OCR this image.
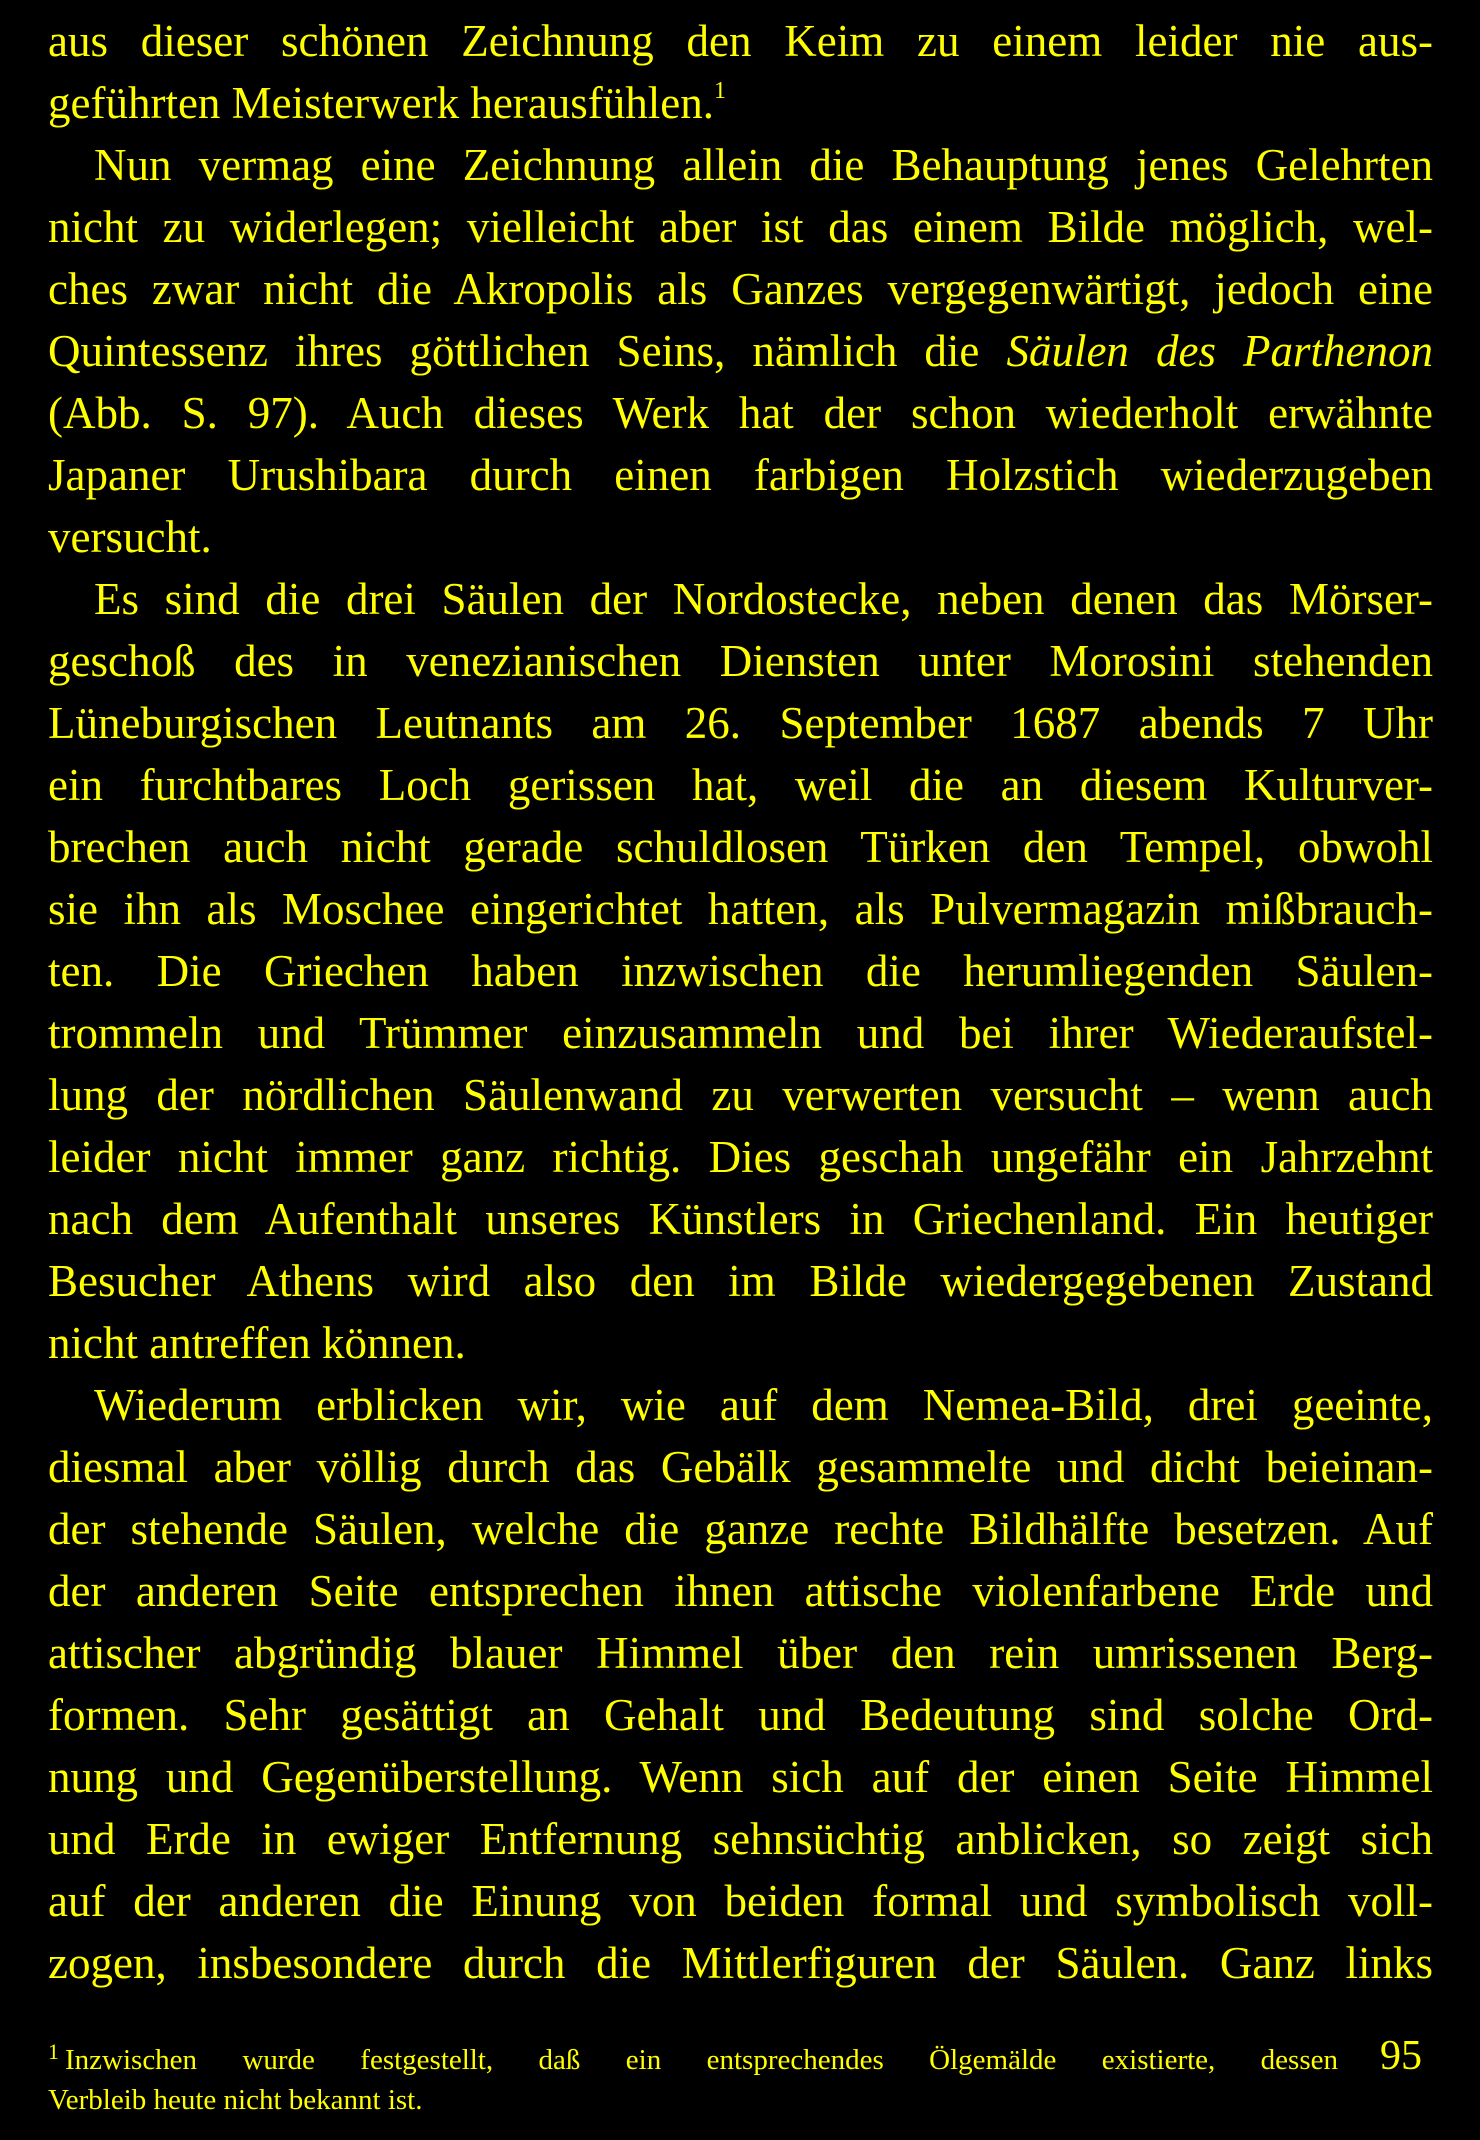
aus dieser schönen Zeichnung den Keim zu einem leider nie aus-
geführten Meisterwerk herausfühlen.$^1$
Nun vermag eine Zeichnung allein die Behauptung jenes Gelehrten
nicht zu widerlegen; vielleicht aber ist das einem Bilde möglich, wel-
ches zwar nicht die Akropolis als Ganzes vergegenwärtigt, jedoch eine
Quintessenz ihres göttlichen Seins, nämlich die Säulen des Parthenon
(Abb. S. 97). Auch dieses Werk hat der schon wiederholt erwähnte
Japaner Urushibara durch einen farbigen Holzstich wiederzugeben
versucht.
Es sind die drei Säulen der Nordostecke, neben denen das Mörser-
geschoß des in venezianischen Diensten unter Morosini stehenden
Lüneburgischen Leutnants am 26. September 1687 abends 7 Uhr
ein furchtbares Loch gerissen hat, weil die an diesem Kulturver-
brechen auch nicht gerade schuldlosen Türken den Tempel, obwohl
sie ihn als Moschee eingerichtet hatten, als Pulvermagazin mißbrauch-
ten. Die Griechen haben inzwischen die herumliegenden Säulen-
trommeln und Trümmer einzusammeln und bei ihrer Wiederaufstel-
lung der nördlichen Säulenwand zu verwerten versucht – wenn auch
leider nicht immer ganz richtig. Dies geschah ungefähr ein Jahrzehnt
nach dem Aufenthalt unseres Künstlers in Griechenland. Ein heutiger
Besucher Athens wird also den im Bilde wiedergegebenen Zustand
nicht antreffen können.
Wiederum erblicken wir, wie auf dem Nemea-Bild, drei geeinte,
diesmal aber völlig durch das Gebälk gesammelte und dicht beieinan-
der stehende Säulen, welche die ganze rechte Bildhälfte besetzen. Auf
der anderen Seite entsprechen ihnen attische violenfarbene Erde und
attischer abgründig blauer Himmel über den rein umrissenen Berg-
formen. Sehr gesättigt an Gehalt und Bedeutung sind solche Ord-
nung und Gegenüberstellung. Wenn sich auf der einen Seite Himmel
und Erde in ewiger Entfernung sehnsüchtig anblicken, so zeigt sich
auf der anderen die Einung von beiden formal und symbolisch voll-
zogen, insbesondere durch die Mittlerfiguren der Säulen. Ganz links
$^1$ Inzwischen wurde festgestellt, daß ein entsprechendes Ölgemälde existierte, dessen
Verbleib heute nicht bekannt ist.
95
